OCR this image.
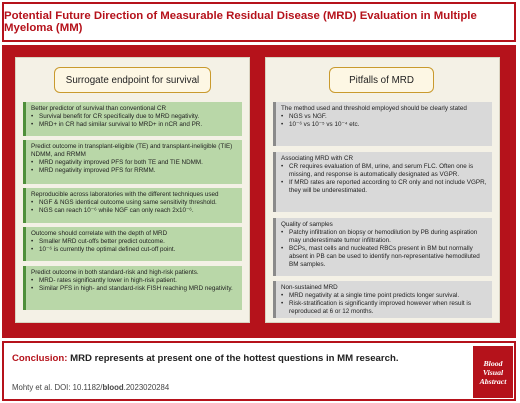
Potential Future Direction of Measurable Residual Disease (MRD) Evaluation in Multiple Myeloma (MM)
Surrogate endpoint for survival
Better predictor of survival than conventional CR
• Survival benefit for CR specifically due to MRD negativity.
• MRD+ in CR had similar survival to MRD+ in nCR and PR.
Predict outcome in transplant-eligible (TE) and transplant-ineligible (TIE) NDMM, and RRMM
• MRD negativity improved PFS for both TE and TIE NDMM.
• MRD negativity improved PFS for RRMM.
Reproducible across laboratories with the different techniques used
• NGF & NGS identical outcome using same sensitivity threshold.
• NGS can reach 10⁻⁶ while NGF can only reach 2x10⁻⁶.
Outcome should correlate with the depth of MRD
• Smaller MRD cut-offs better predict outcome.
• 10⁻⁶ is currently the optimal defined cut-off point.
Predict outcome in both standard-risk and high-risk patients.
• MRD- rates significantly lower in high-risk patient.
• Similar PFS in high- and standard-risk FISH reaching MRD negativity.
Pitfalls of MRD
The method used and threshold employed should be clearly stated
• NGS vs NGF.
• 10⁻⁶ vs 10⁻⁵ vs 10⁻⁴ etc.
Associating MRD with CR
• CR requires evaluation of BM, urine, and serum FLC. Often one is missing, and response is automatically designated as VGPR.
• If MRD rates are reported according to CR only and not include VGPR, they will be underestimated.
Quality of samples
• Patchy infiltration on biopsy or hemodilution by PB during aspiration may underestimate tumor infiltration.
• BCPs, mast cells and nucleated RBCs present in BM but normally absent in PB can be used to identify non-representative hemodiluted BM samples.
Non-sustained MRD
• MRD negativity at a single time point predicts longer survival.
• Risk-stratification is significantly improved however when result is reproduced at 6 or 12 months.
Conclusion: MRD represents at present one of the hottest questions in MM research.
Mohty et al. DOI: 10.1182/blood.2023020284
Blood
Visual
Abstract
